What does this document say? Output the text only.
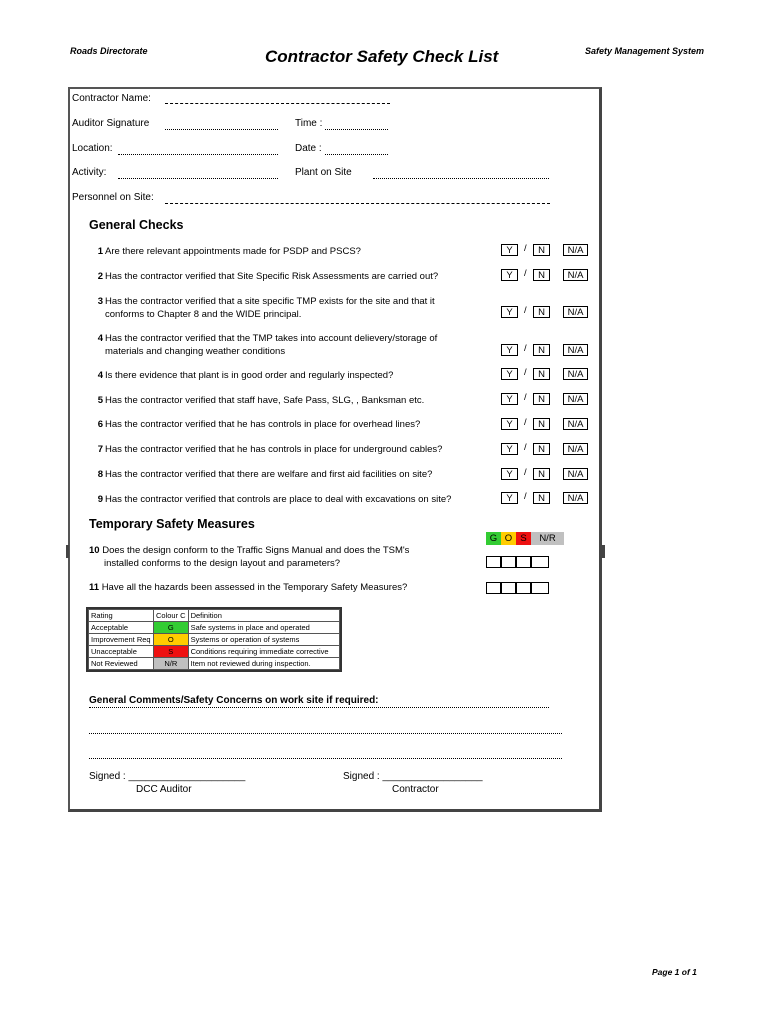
Roads Directorate	Contractor Safety Check List	Safety Management System
Contractor Name:
Auditor Signature	Time :
Location:	Date :
Activity:	Plant on Site
Personnel on Site:
General Checks
1 Are there relevant appointments made for PSDP and PSCS?	Y	/	N	N/A
2 Has the contractor verified that Site Specific Risk Assessments are carried out?	Y	/	N	N/A
3 Has the contractor verified that a site specific TMP exists for the site and that it
conforms to Chapter 8 and the WIDE principal.	Y	/	N	N/A
4 Has the contractor verified that the TMP takes into account delievery/storage of
materials and changing weather conditions	Y	/	N	N/A
4 Is there evidence that plant is in good order and regularly inspected?	Y	/	N	N/A
5 Has the contractor verified that staff have, Safe Pass, SLG, , Banksman etc.	Y	/	N	N/A
6 Has the contractor verified that he has controls in place for overhead lines?	Y	/	N	N/A
7 Has the contractor verified that he has controls in place for underground cables?	Y	/	N	N/A
8 Has the contractor verified that there are welfare and first aid facilities on site?	Y	/	N	N/A
9 Has the contractor verified that controls are place to deal with excavations on site?	Y	/	N	N/A
Temporary Safety Measures
G O S	N/R
10 Does the design conform to the Traffic Signs Manual and does the TSM's
installed conforms to the design layout and parameters?
11 Have all the hazards been assessed in the Temporary Safety Measures?
Rating	Colour C	Definition
Acceptable	G	Safe systems in place and operated
Improvement Req	O	Systems or operation of systems
Unacceptable	S	Conditions requiring immediate corrective
Not Reviewed	N/R	Item not reviewed during inspection.
General Comments/Safety Concerns on work site if required:
Signed : _____________________
DCC Auditor
Signed : __________________
Contractor
Page 1 of 1
